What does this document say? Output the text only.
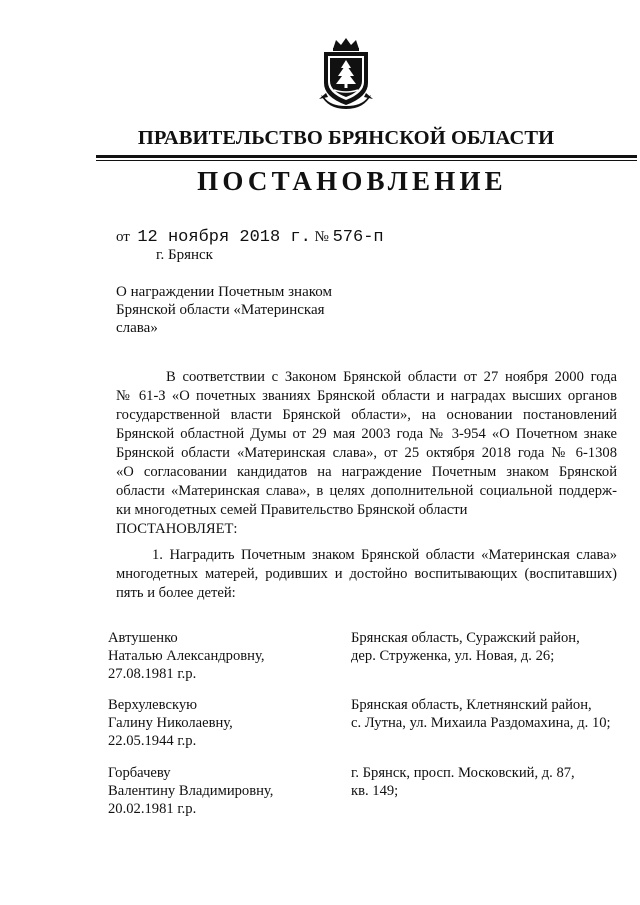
ПРАВИТЕЛЬСТВО БРЯНСКОЙ ОБЛАСТИ
ПОСТАНОВЛЕНИЕ
от 12 ноября 2018 г. № 576-п
г. Брянск
О награждении Почетным знаком
Брянской области «Материнская
слава»
В соответствии с Законом Брянской области от 27 ноября 2000 года
№ 61-З «О почетных званиях Брянской области и наградах высших органов
государственной власти Брянской области», на основании постановлений
Брянской областной Думы от 29 мая 2003 года № 3-954 «О Почетном знаке
Брянской области «Материнская слава», от 25 октября 2018 года № 6-1308
«О согласовании кандидатов на награждение Почетным знаком Брянской
области «Материнская слава», в целях дополнительной социальной поддерж-
ки многодетных семей Правительство Брянской области
ПОСТАНОВЛЯЕТ:
1. Наградить Почетным знаком Брянской области «Материнская слава»
многодетных матерей, родивших и достойно воспитывающих (воспитавших)
пять и более детей:
Автушенко
Наталью Александровну,
27.08.1981 г.р.
Брянская область, Суражский район,
дер. Струженка, ул. Новая, д. 26;
Верхулевскую
Галину Николаевну,
22.05.1944 г.р.
Брянская область, Клетнянский район,
с. Лутна, ул. Михаила Раздомахина, д. 10;
Горбачеву
Валентину Владимировну,
20.02.1981 г.р.
г. Брянск, просп. Московский, д. 87,
кв. 149;
